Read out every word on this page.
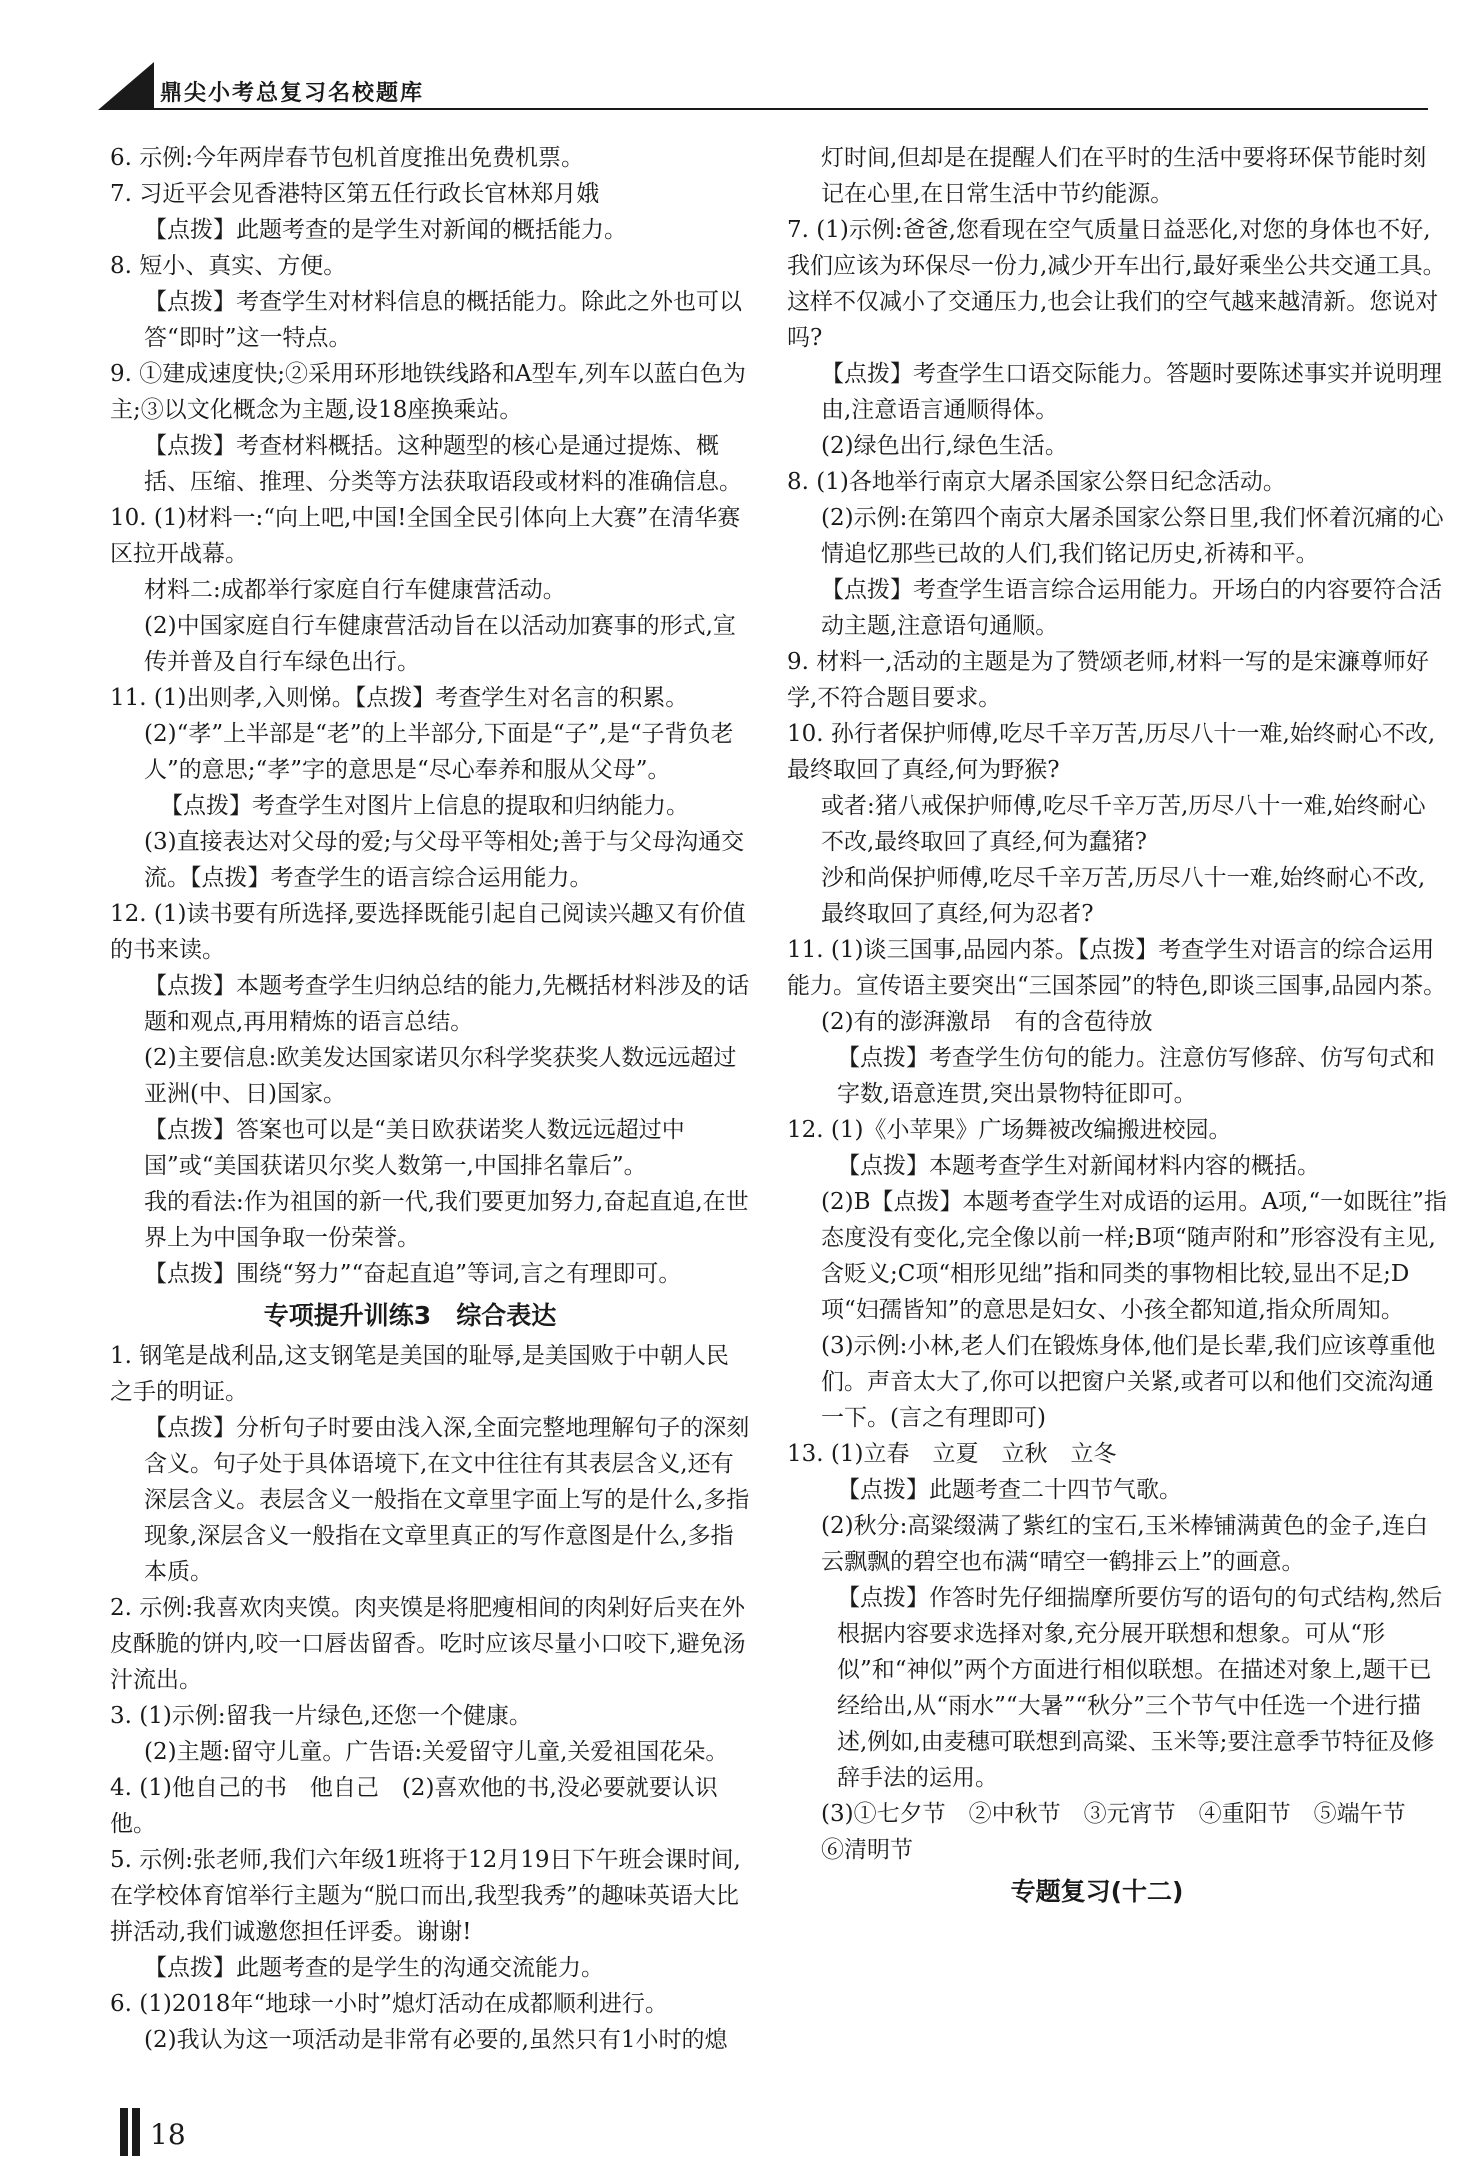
鼎尖小考总复习名校题库

6. 示例:今年两岸春节包机首度推出免费机票。

7. 习近平会见香港特区第五任行政长官林郑月娥

【点拨】此题考查的是学生对新闻的概括能力。

8. 短小、真实、方便。

【点拨】考查学生对材料信息的概括能力。除此之外也可以答“即时”这一特点。

9. ①建成速度快;②采用环形地铁线路和A型车,列车以蓝白色为主;③以文化概念为主题,设18座换乘站。

【点拨】考查材料概括。这种题型的核心是通过提炼、概括、压缩、推理、分类等方法获取语段或材料的准确信息。

10. (1)材料一:“向上吧,中国!全国全民引体向上大赛”在清华赛区拉开战幕。

材料二:成都举行家庭自行车健康营活动。

(2)中国家庭自行车健康营活动旨在以活动加赛事的形式,宣传并普及自行车绿色出行。

11. (1)出则孝,入则悌。【点拨】考查学生对名言的积累。

(2)“孝”上半部是“老”的上半部分,下面是“子”,是“子背负老人”的意思;“孝”字的意思是“尽心奉养和服从父母”。

【点拨】考查学生对图片上信息的提取和归纳能力。

(3)直接表达对父母的爱;与父母平等相处;善于与父母沟通交流。【点拨】考查学生的语言综合运用能力。

12. (1)读书要有所选择,要选择既能引起自己阅读兴趣又有价值的书来读。

【点拨】本题考查学生归纳总结的能力,先概括材料涉及的话题和观点,再用精炼的语言总结。

(2)主要信息:欧美发达国家诺贝尔科学奖获奖人数远远超过亚洲(中、日)国家。

【点拨】答案也可以是“美日欧获诺奖人数远远超过中国”或“美国获诺贝尔奖人数第一,中国排名靠后”。

我的看法:作为祖国的新一代,我们要更加努力,奋起直追,在世界上为中国争取一份荣誉。

【点拨】围绕“努力”“奋起直追”等词,言之有理即可。

专项提升训练3　综合表达

1. 钢笔是战利品,这支钢笔是美国的耻辱,是美国败于中朝人民之手的明证。

【点拨】分析句子时要由浅入深,全面完整地理解句子的深刻含义。句子处于具体语境下,在文中往往有其表层含义,还有深层含义。表层含义一般指在文章里字面上写的是什么,多指现象,深层含义一般指在文章里真正的写作意图是什么,多指本质。

2. 示例:我喜欢肉夹馍。肉夹馍是将肥瘦相间的肉剁好后夹在外皮酥脆的饼内,咬一口唇齿留香。吃时应该尽量小口咬下,避免汤汁流出。

3. (1)示例:留我一片绿色,还您一个健康。

(2)主题:留守儿童。广告语:关爱留守儿童,关爱祖国花朵。

4. (1)他自己的书　他自己　(2)喜欢他的书,没必要就要认识他。

5. 示例:张老师,我们六年级1班将于12月19日下午班会课时间,在学校体育馆举行主题为“脱口而出,我型我秀”的趣味英语大比拼活动,我们诚邀您担任评委。谢谢!

【点拨】此题考查的是学生的沟通交流能力。

6. (1)2018年“地球一小时”熄灯活动在成都顺利进行。

(2)我认为这一项活动是非常有必要的,虽然只有1小时的熄

灯时间,但却是在提醒人们在平时的生活中要将环保节能时刻记在心里,在日常生活中节约能源。

7. (1)示例:爸爸,您看现在空气质量日益恶化,对您的身体也不好,我们应该为环保尽一份力,减少开车出行,最好乘坐公共交通工具。这样不仅减小了交通压力,也会让我们的空气越来越清新。您说对吗?

【点拨】考查学生口语交际能力。答题时要陈述事实并说明理由,注意语言通顺得体。

(2)绿色出行,绿色生活。

8. (1)各地举行南京大屠杀国家公祭日纪念活动。

(2)示例:在第四个南京大屠杀国家公祭日里,我们怀着沉痛的心情追忆那些已故的人们,我们铭记历史,祈祷和平。

【点拨】考查学生语言综合运用能力。开场白的内容要符合活动主题,注意语句通顺。

9. 材料一,活动的主题是为了赞颂老师,材料一写的是宋濂尊师好学,不符合题目要求。

10. 孙行者保护师傅,吃尽千辛万苦,历尽八十一难,始终耐心不改,最终取回了真经,何为野猴?

或者:猪八戒保护师傅,吃尽千辛万苦,历尽八十一难,始终耐心不改,最终取回了真经,何为蠢猪?

沙和尚保护师傅,吃尽千辛万苦,历尽八十一难,始终耐心不改,最终取回了真经,何为忍者?

11. (1)谈三国事,品园内茶。【点拨】考查学生对语言的综合运用能力。宣传语主要突出“三国茶园”的特色,即谈三国事,品园内茶。

(2)有的澎湃激昂　有的含苞待放

【点拨】考查学生仿句的能力。注意仿写修辞、仿写句式和字数,语意连贯,突出景物特征即可。

12. (1)《小苹果》广场舞被改编搬进校园。

【点拨】本题考查学生对新闻材料内容的概括。

(2)B【点拨】本题考查学生对成语的运用。A项,“一如既往”指态度没有变化,完全像以前一样;B项“随声附和”形容没有主见,含贬义;C项“相形见绌”指和同类的事物相比较,显出不足;D项“妇孺皆知”的意思是妇女、小孩全都知道,指众所周知。

(3)示例:小林,老人们在锻炼身体,他们是长辈,我们应该尊重他们。声音太大了,你可以把窗户关紧,或者可以和他们交流沟通一下。(言之有理即可)

13. (1)立春　立夏　立秋　立冬

【点拨】此题考查二十四节气歌。

(2)秋分:高粱缀满了紫红的宝石,玉米棒铺满黄色的金子,连白云飘飘的碧空也布满“晴空一鹤排云上”的画意。

【点拨】作答时先仔细揣摩所要仿写的语句的句式结构,然后根据内容要求选择对象,充分展开联想和想象。可从“形似”和“神似”两个方面进行相似联想。在描述对象上,题干已经给出,从“雨水”“大暑”“秋分”三个节气中任选一个进行描述,例如,由麦穗可联想到高粱、玉米等;要注意季节特征及修辞手法的运用。

(3)①七夕节　②中秋节　③元宵节　④重阳节　⑤端午节　⑥清明节

专题复习(十二)
18
